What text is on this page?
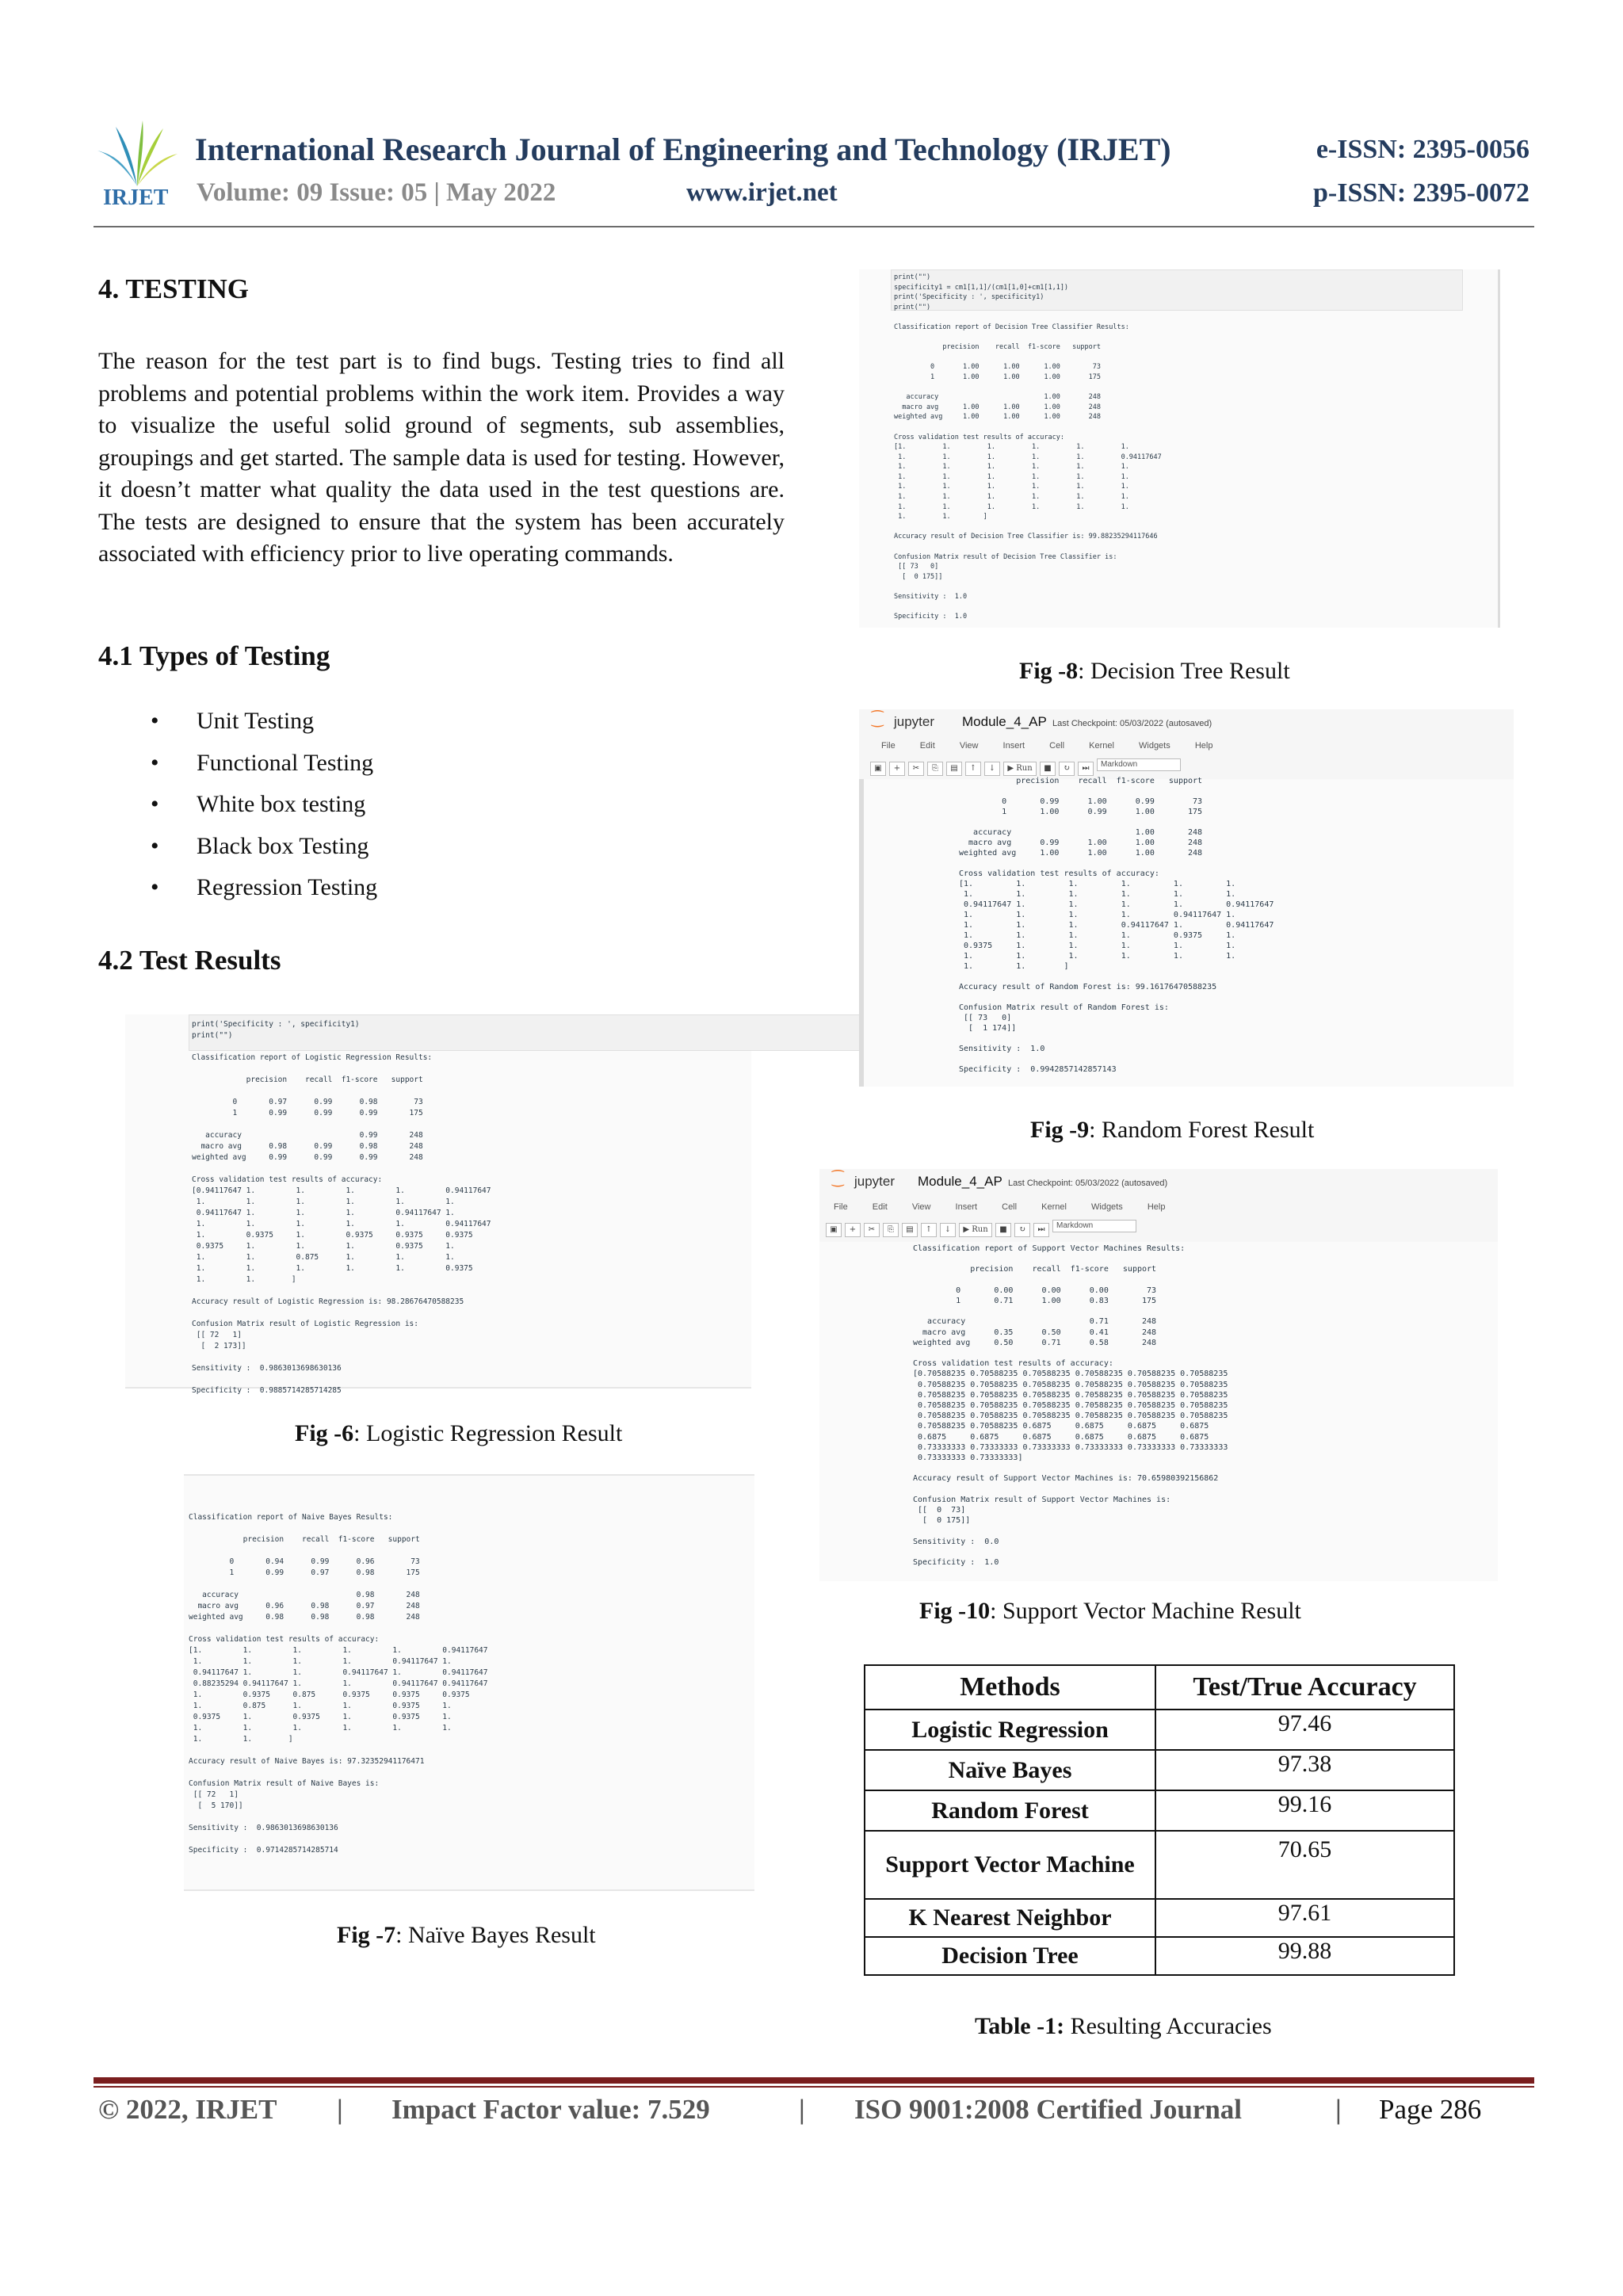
IRJET
International Research Journal of Engineering and Technology (IRJET)	e-ISSN: 2395-0056
Volume: 09 Issue: 05 | May 2022	www.irjet.net	p-ISSN: 2395-0072
4. TESTING
The reason for the test part is to find bugs. Testing tries to find all problems and potential problems within the work item. Provides a way to visualize the useful solid ground of segments, sub assemblies, groupings and get started. The sample data is used for testing. However, it doesn’t matter what quality the data used in the test questions are. The tests are designed to ensure that the system has been accurately associated with efficiency prior to live operating commands.
4.1 Types of Testing
• Unit Testing
• Functional Testing
• White box testing
• Black box Testing
• Regression Testing
4.2 Test Results
print('Specificity : ', specificity1)
print("")

Classification report of Logistic Regression Results:

precision    recall  f1-score   support

0       0.97      0.99      0.98        73
1       0.99      0.99      0.99       175

accuracy                          0.99       248
macro avg      0.98      0.99      0.98       248
weighted avg     0.99      0.99      0.99       248

Cross validation test results of accuracy:
[0.94117647 1.         1.         1.         1.         0.94117647
1.         1.         1.         1.         1.         1.
0.94117647 1.         1.         1.         0.94117647 1.
1.         1.         1.         1.         1.         0.94117647
1.         0.9375     1.         0.9375     0.9375     0.9375
0.9375     1.         1.         1.         0.9375     1.
1.         1.         0.875      1.         1.         1.
1.         1.         1.         1.         1.         0.9375
1.         1.        ]

Accuracy result of Logistic Regression is: 98.28676470588235

Confusion Matrix result of Logistic Regression is:
[[ 72   1]
[  2 173]]

Sensitivity :  0.9863013698630136

Specificity :  0.9885714285714285
Fig -6: Logistic Regression Result
Classification report of Naive Bayes Results:

precision    recall  f1-score   support

0       0.94      0.99      0.96        73
1       0.99      0.97      0.98       175

accuracy                          0.98       248
macro avg      0.96      0.98      0.97       248
weighted avg     0.98      0.98      0.98       248

Cross validation test results of accuracy:
[1.         1.         1.         1.         1.         0.94117647
1.         1.         1.         1.         0.94117647 1.
0.94117647 1.         1.         0.94117647 1.         0.94117647
0.88235294 0.94117647 1.         1.         0.94117647 0.94117647
1.         0.9375     0.875      0.9375     0.9375     0.9375
1.         0.875      1.         1.         0.9375     1.
0.9375     1.         0.9375     1.         0.9375     1.
1.         1.         1.         1.         1.         1.
1.         1.        ]

Accuracy result of Naive Bayes is: 97.32352941176471

Confusion Matrix result of Naive Bayes is:
[[ 72   1]
[  5 170]]

Sensitivity :  0.9863013698630136

Specificity :  0.9714285714285714
Fig -7: Naïve Bayes Result
print("")
specificity1 = cm1[1,1]/(cm1[1,0]+cm1[1,1])
print('Specificity : ', specificity1)
print("")

Classification report of Decision Tree Classifier Results:

precision    recall  f1-score   support

0       1.00      1.00      1.00        73
1       1.00      1.00      1.00       175

accuracy                          1.00       248
macro avg      1.00      1.00      1.00       248
weighted avg     1.00      1.00      1.00       248

Cross validation test results of accuracy:
[1.         1.         1.         1.         1.         1.
1.         1.         1.         1.         1.         0.94117647
1.         1.         1.         1.         1.         1.
1.         1.         1.         1.         1.         1.
1.         1.         1.         1.         1.         1.
1.         1.         1.         1.         1.         1.
1.         1.         1.         1.         1.         1.
1.         1.        ]

Accuracy result of Decision Tree Classifier is: 99.88235294117646

Confusion Matrix result of Decision Tree Classifier is:
[[ 73   0]
[  0 175]]

Sensitivity :  1.0

Specificity :  1.0
Fig -8: Decision Tree Result
⁐ jupyter Module_4_AP Last Checkpoint: 05/03/2022 (autosaved)
File	Edit	View	Insert	Cell	Kernel	Widgets	Help
▣ + ✂ ⎘ ▤ ↑ ↓ ▶ Run ■ ↻ ⏭ Markdown
precision    recall  f1-score   support

0       0.99      1.00      0.99        73
1       1.00      0.99      1.00       175

accuracy                          1.00       248
macro avg      0.99      1.00      1.00       248
weighted avg     1.00      1.00      1.00       248

Cross validation test results of accuracy:
[1.         1.         1.         1.         1.         1.
1.         1.         1.         1.         1.         1.
0.94117647 1.         1.         1.         1.         0.94117647
1.         1.         1.         1.         0.94117647 1.
1.         1.         1.         0.94117647 1.         0.94117647
1.         1.         1.         1.         0.9375     1.
0.9375     1.         1.         1.         1.         1.
1.         1.         1.         1.         1.         1.
1.         1.        ]

Accuracy result of Random Forest is: 99.16176470588235

Confusion Matrix result of Random Forest is:
[[ 73   0]
[  1 174]]

Sensitivity :  1.0

Specificity :  0.9942857142857143
Fig -9: Random Forest Result
⁐ jupyter Module_4_AP Last Checkpoint: 05/03/2022 (autosaved)
File	Edit	View	Insert	Cell	Kernel	Widgets	Help
▣ + ✂ ⎘ ▤ ↑ ↓ ▶ Run ■ ↻ ⏭ Markdown
Classification report of Support Vector Machines Results:

precision    recall  f1-score   support

0       0.00      0.00      0.00        73
1       0.71      1.00      0.83       175

accuracy                          0.71       248
macro avg      0.35      0.50      0.41       248
weighted avg     0.50      0.71      0.58       248

Cross validation test results of accuracy:
[0.70588235 0.70588235 0.70588235 0.70588235 0.70588235 0.70588235
0.70588235 0.70588235 0.70588235 0.70588235 0.70588235 0.70588235
0.70588235 0.70588235 0.70588235 0.70588235 0.70588235 0.70588235
0.70588235 0.70588235 0.70588235 0.70588235 0.70588235 0.70588235
0.70588235 0.70588235 0.70588235 0.70588235 0.70588235 0.70588235
0.70588235 0.70588235 0.6875     0.6875     0.6875     0.6875
0.6875     0.6875     0.6875     0.6875     0.6875     0.6875
0.73333333 0.73333333 0.73333333 0.73333333 0.73333333 0.73333333
0.73333333 0.73333333]

Accuracy result of Support Vector Machines is: 70.65980392156862

Confusion Matrix result of Support Vector Machines is:
[[  0  73]
[  0 175]]

Sensitivity :  0.0

Specificity :  1.0
Fig -10: Support Vector Machine Result
Methods	Test/True Accuracy
Logistic Regression	97.46
Naïve Bayes	97.38
Random Forest	99.16
Support Vector Machine	70.65
K Nearest Neighbor	97.61
Decision Tree	99.88
Table -1: Resulting Accuracies
© 2022, IRJET | Impact Factor value: 7.529	| ISO 9001:2008 Certified Journal	| Page 286
